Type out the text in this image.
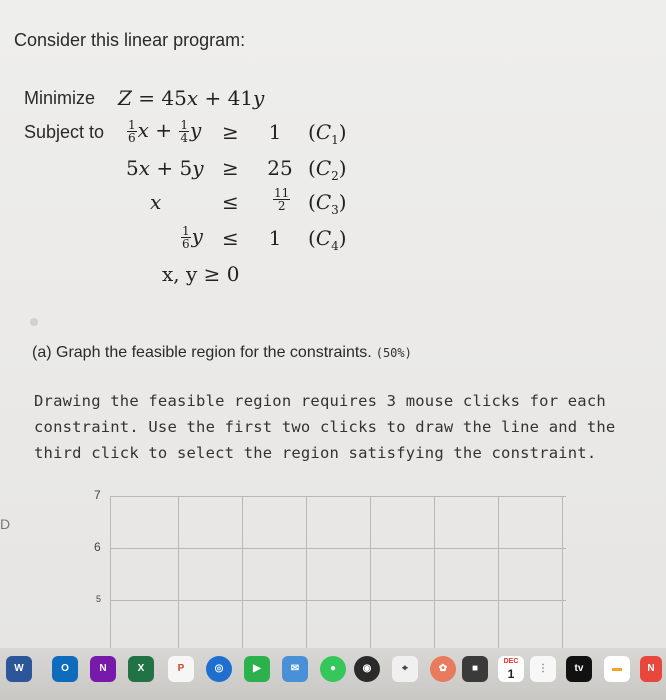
Consider this linear program:
Minimize Z = 45x + 41y
Subject to $\frac{1}{6}$ $x + \frac{1}{4}$ y ≥	1	$(C_1)$
5x + 5y ≥ 25 $(C_2)$
x	≤	$\frac{11}{2} (C_3)$
$\frac{1}{6}$ y ≤	1	$(C_4)$
x, y ≥ 0
(a) Graph the feasible region for the constraints. (50%)
Drawing the feasible region requires 3 mouse clicks for each constraint. Use the first two clicks to draw the line and the third click to select the region satisfying the constraint.
7
6
5
D
W	O	N	X	P	◎	▶	✉	●	◉	⌖	✿	■
DEC
1	⋮	tv	▬	N
